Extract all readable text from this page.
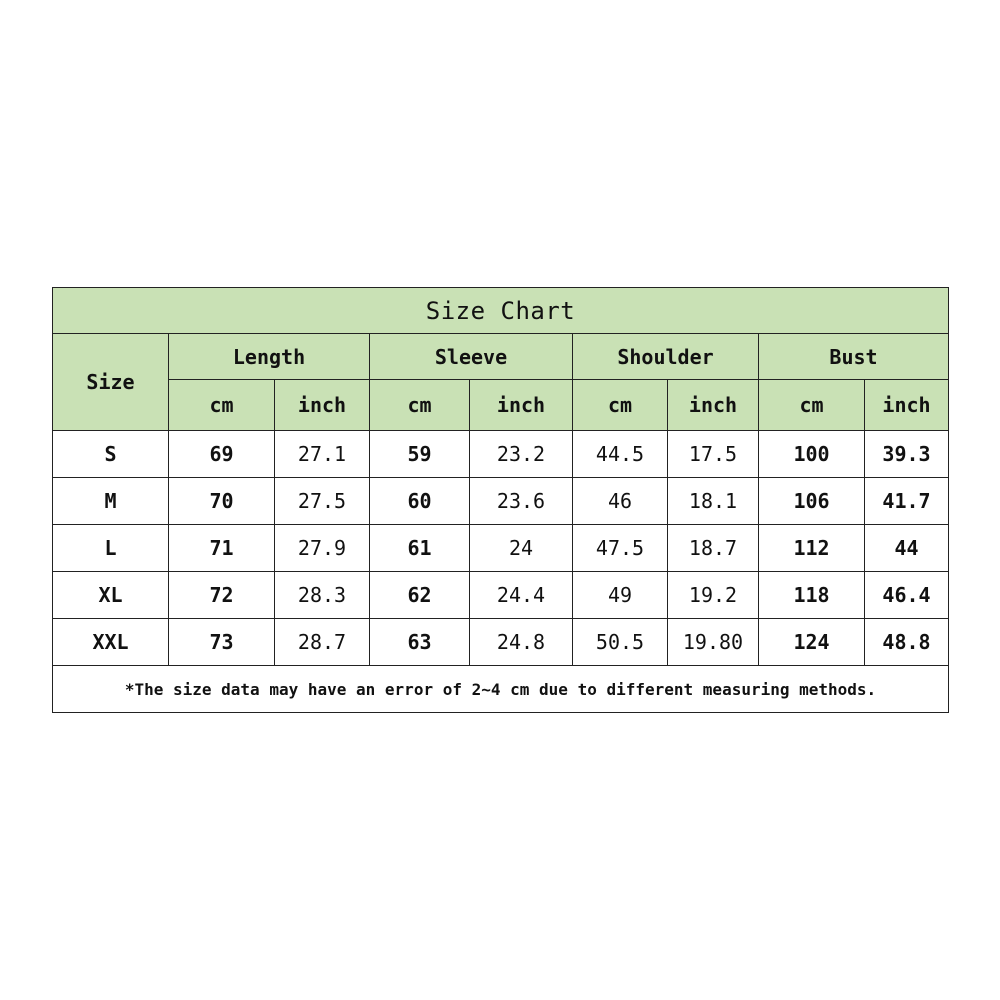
Size Chart								
Size	Length		Sleeve		Shoulder		Bust	
	cm	inch	cm	inch	cm	inch	cm	inch
S	69	27.1	59	23.2	44.5	17.5	100	39.3
M	70	27.5	60	23.6	46	18.1	106	41.7
L	71	27.9	61	24	47.5	18.7	112	44
XL	72	28.3	62	24.4	49	19.2	118	46.4
XXL	73	28.7	63	24.8	50.5	19.80	124	48.8
*The size data may have an error of 2~4 cm due to different measuring methods.								
